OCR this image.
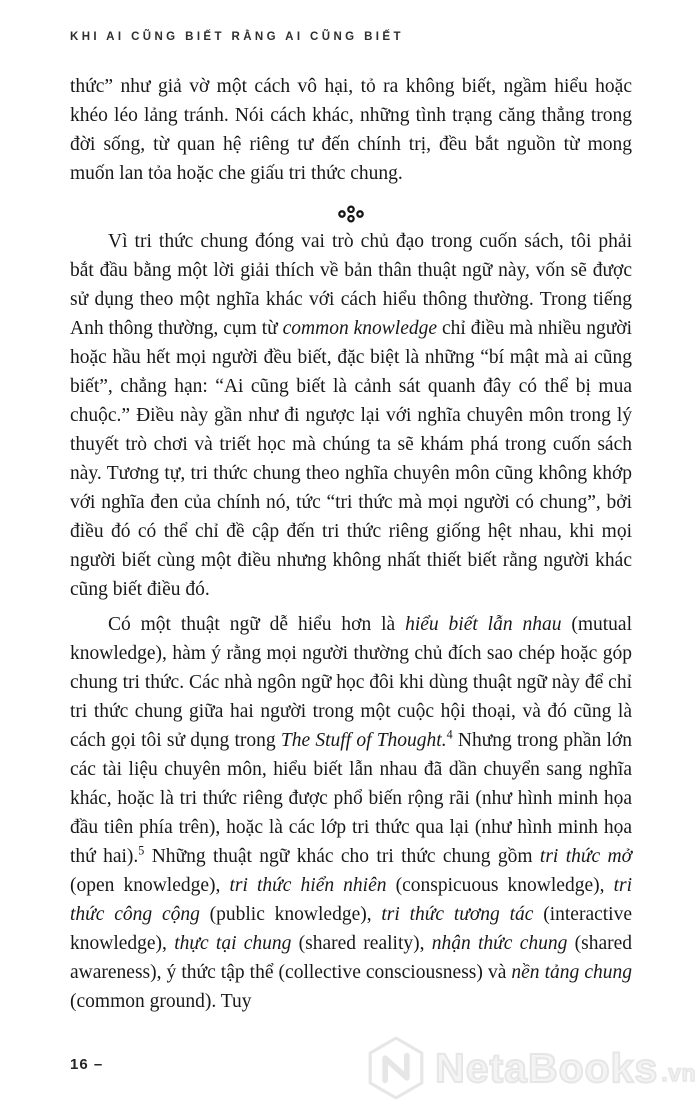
KHI AI CŨNG BIẾT RẰNG AI CŨNG BIẾT

thức” như giả vờ một cách vô hại, tỏ ra không biết, ngầm hiểu hoặc khéo léo lảng tránh. Nói cách khác, những tình trạng căng thẳng trong đời sống, từ quan hệ riêng tư đến chính trị, đều bắt nguồn từ mong muốn lan tỏa hoặc che giấu tri thức chung.

Vì tri thức chung đóng vai trò chủ đạo trong cuốn sách, tôi phải bắt đầu bằng một lời giải thích về bản thân thuật ngữ này, vốn sẽ được sử dụng theo một nghĩa khác với cách hiểu thông thường. Trong tiếng Anh thông thường, cụm từ common knowledge chỉ điều mà nhiều người hoặc hầu hết mọi người đều biết, đặc biệt là những “bí mật mà ai cũng biết”, chẳng hạn: “Ai cũng biết là cảnh sát quanh đây có thể bị mua chuộc.” Điều này gần như đi ngược lại với nghĩa chuyên môn trong lý thuyết trò chơi và triết học mà chúng ta sẽ khám phá trong cuốn sách này. Tương tự, tri thức chung theo nghĩa chuyên môn cũng không khớp với nghĩa đen của chính nó, tức “tri thức mà mọi người có chung”, bởi điều đó có thể chỉ đề cập đến tri thức riêng giống hệt nhau, khi mọi người biết cùng một điều nhưng không nhất thiết biết rằng người khác cũng biết điều đó.

Có một thuật ngữ dễ hiểu hơn là hiểu biết lẫn nhau (mutual knowledge), hàm ý rằng mọi người thường chủ đích sao chép hoặc góp chung tri thức. Các nhà ngôn ngữ học đôi khi dùng thuật ngữ này để chỉ tri thức chung giữa hai người trong một cuộc hội thoại, và đó cũng là cách gọi tôi sử dụng trong The Stuff of Thought.$^4$ Nhưng trong phần lớn các tài liệu chuyên môn, hiểu biết lẫn nhau đã dần chuyển sang nghĩa khác, hoặc là tri thức riêng được phổ biến rộng rãi (như hình minh họa đầu tiên phía trên), hoặc là các lớp tri thức qua lại (như hình minh họa thứ hai).$^5$ Những thuật ngữ khác cho tri thức chung gồm tri thức mở (open knowledge), tri thức hiển nhiên (conspicuous knowledge), tri thức công cộng (public knowledge), tri thức tương tác (interactive knowledge), thực tại chung (shared reality), nhận thức chung (shared awareness), ý thức tập thể (collective consciousness) và nền tảng chung (common ground). Tuy

16 –	NetaBooks .vn
